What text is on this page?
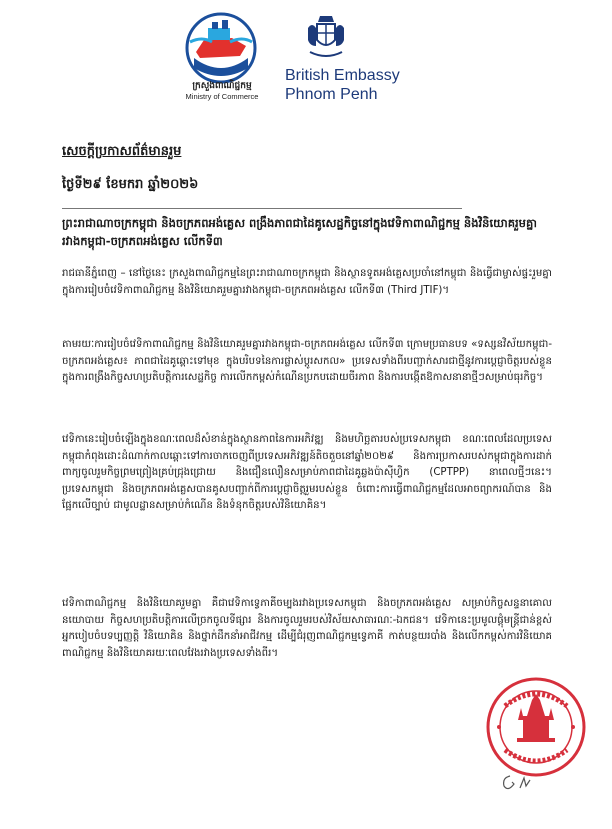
ក្រសួងពាណិជ្ជកម្ម
Ministry of Commerce
British Embassy
Phnom Penh
សេចក្តីប្រកាសព័ត៌មានរួម
ថ្ងៃទី២៩ ខែមករា ឆ្នាំ២០២៦
ព្រះរាជាណាចក្រកម្ពុជា និងចក្រភពអង់គ្លេស ពង្រឹងភាពជាដៃគូសេដ្ឋកិច្ចនៅក្នុងវេទិកាពាណិជ្ជកម្ម និងវិនិយោគរួមគ្នារវាងកម្ពុជា-ចក្រភពអង់គ្លេស លើកទី៣

រាជធានីភ្នំពេញ – នៅថ្ងៃនេះ ក្រសួងពាណិជ្ជកម្មនៃព្រះរាជាណាចក្រកម្ពុជា និងស្ថានទូតអង់គ្លេសប្រចាំនៅកម្ពុជា និងធ្វើជាម្ចាស់ផ្ទះរួមគ្នាក្នុងការរៀបចំវេទិកាពាណិជ្ជកម្ម និងវិនិយោគរួមគ្នារវាងកម្ពុជា-ចក្រភពអង់គ្លេស លើកទី៣ (Third JTIF)។

តាមរយៈការរៀបចំវេទិកាពាណិជ្ជកម្ម និងវិនិយោគរួមគ្នារវាងកម្ពុជា-ចក្រភពអង់គ្លេស លើកទី៣ ក្រោមប្រធានបទ «ទស្សនវិស័យកម្ពុជា-ចក្រភពអង់គ្លេស៖ ភាពជាដៃគូឆ្ពោះទៅមុខ ក្នុងបរិបទនៃការផ្លាស់ប្តូរសកល» ប្រទេសទាំងពីរបញ្ជាក់សារជាថ្មីនូវការប្តេជ្ញាចិត្តរបស់ខ្លួនក្នុងការពង្រឹងកិច្ចសហប្រតិបត្តិការសេដ្ឋកិច្ច ការលើកកម្ពស់កំណើនប្រកបដោយចីរភាព និងការបង្កើតឱកាសនានាថ្មីៗសម្រាប់ធុរកិច្ច។

វេទិកានេះរៀបចំឡើងក្នុងខណៈពេលដ៏សំខាន់ក្នុងស្ថានភាពនៃការអភិវឌ្ឍ និងមហិច្ឆតារបស់ប្រទេសកម្ពុជា ខណៈពេលដែលប្រទេសកម្ពុជាកំពុងដោះដំណាក់កាលឆ្ពោះទៅការចាកចេញពីប្រទេសអភិវឌ្ឍន៍តិចតួចនៅឆ្នាំ២០២៩ និងការប្រកាសរបស់កម្ពុជាក្នុងការដាក់ពាក្យចូលរួមកិច្ចព្រមព្រៀងគ្រប់ជ្រុងជ្រោយ និងជឿនលឿនសម្រាប់ភាពជាដៃគូឆ្លងប៉ាស៊ីហ្វិក (CPTPP) នាពេលថ្មីៗនេះ។ ប្រទេសកម្ពុជា និងចក្រភពអង់គ្លេសបានគូសបញ្ជាក់ពីការប្តេជ្ញាចិត្តរួមរបស់ខ្លួន ចំពោះការធ្វើពាណិជ្ជកម្មដែលអាចព្យាករណ៍បាន និងផ្អែកលើច្បាប់ ជាមូលដ្ឋានសម្រាប់កំណើន និងទំនុកចិត្តរបស់វិនិយោគិន។

វេទិកាពាណិជ្ជកម្ម និងវិនិយោគរួមគ្នា គឺជាវេទិកាទ្វេភាគីចម្បងរវាងប្រទេសកម្ពុជា និងចក្រភពអង់គ្លេស សម្រាប់កិច្ចសន្ទនាគោលនយោបាយ កិច្ចសហប្រតិបត្តិការលើច្រកចូលទីផ្សារ និងការចូលរួមរបស់វិស័យសាធារណៈ-ឯកជន។ វេទិកានេះប្រមូលផ្តុំមន្ត្រីជាន់ខ្ពស់ អ្នកបៀបចំបទប្បញ្ញត្តិ វិនិយោគិន និងថ្នាក់ដឹកនាំអាជីវកម្ម ដើម្បីជំរុញពាណិជ្ជកម្មទ្វេភាគី កាត់បន្ថយរបាំង និងលើកកម្ពស់ការវិនិយោគពាណិជ្ជកម្ម និងវិនិយោគរយៈពេលវែងរវាងប្រទេសទាំងពីរ។
